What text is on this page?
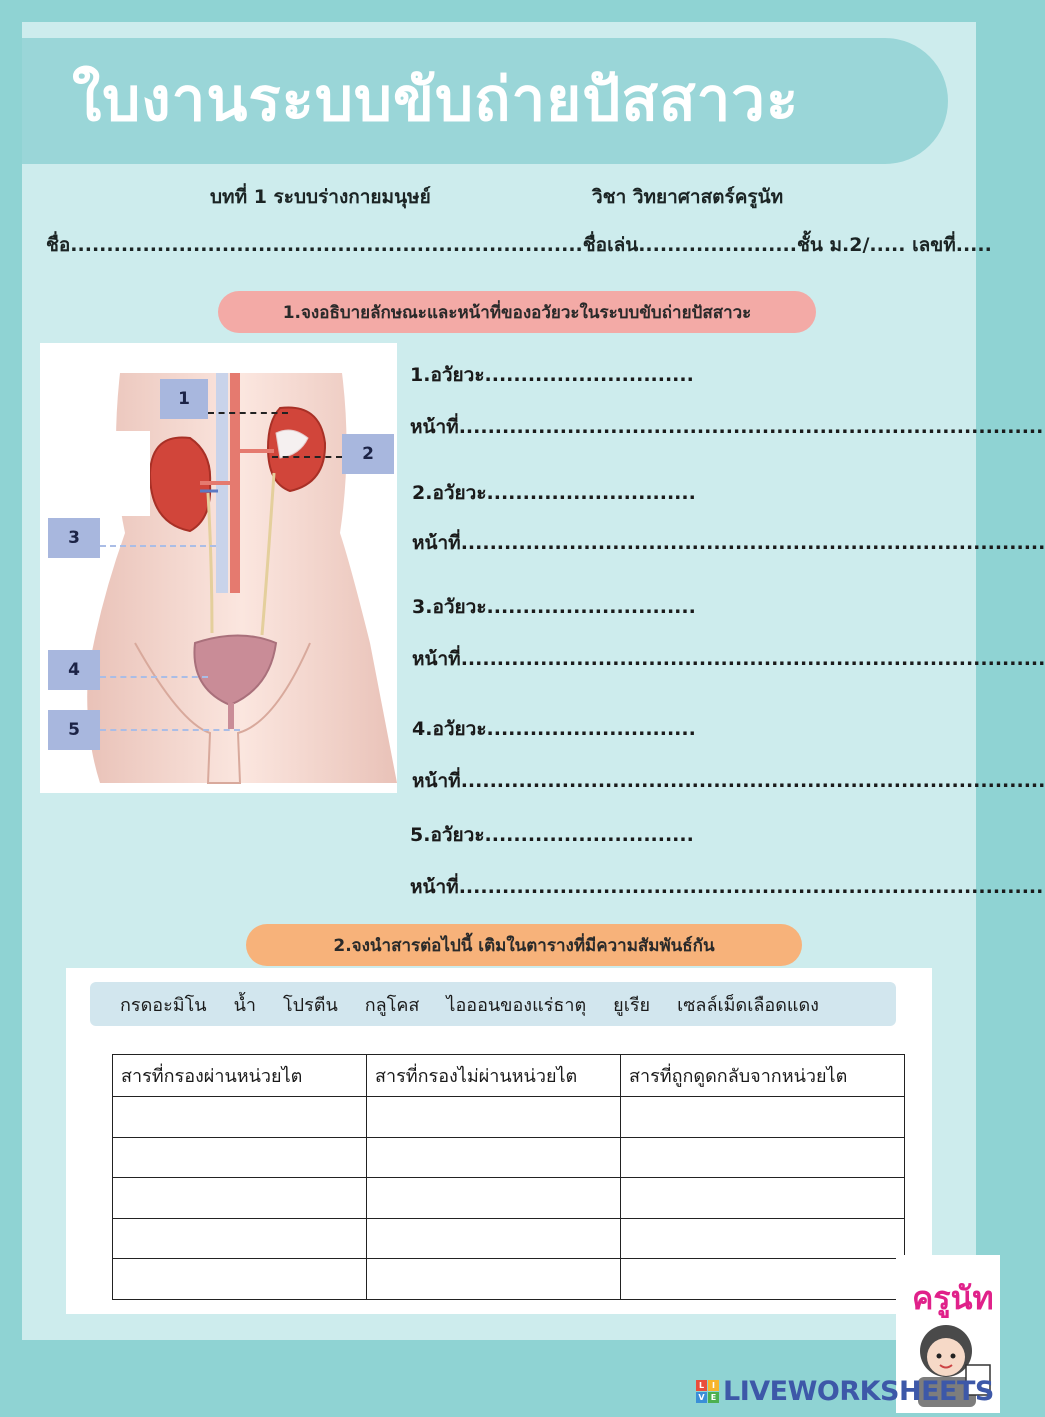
ใบงานระบบขับถ่ายปัสสาวะ
บทที่ 1 ระบบร่างกายมนุษย์	วิชา วิทยาศาสตร์ครูนัท
ชื่อ.......................................................................ชื่อเล่น......................ชั้น ม.2/..... เลขที่.....
1.จงอธิบายลักษณะและหน้าที่ของอวัยวะในระบบขับถ่ายปัสสาวะ
1
2
3
4
5
1.อวัยวะ.............................
หน้าที่.................................................................................
2.อวัยวะ.............................
หน้าที่.................................................................................
3.อวัยวะ.............................
หน้าที่.................................................................................
4.อวัยวะ.............................
หน้าที่.................................................................................
5.อวัยวะ.............................
หน้าที่.................................................................................
2.จงนำสารต่อไปนี้ เติมในตารางที่มีความสัมพันธ์กัน
กรดอะมิโน น้ำ โปรตีน กลูโคส ไอออนของแร่ธาตุ ยูเรีย เซลล์เม็ดเลือดแดง
สารที่กรองผ่านหน่วยไต	สารที่กรองไม่ผ่านหน่วยไต	สารที่ถูกดูดกลับจากหน่วยไต

ครูนัท
L I
V E LIVEWORKSHEETS
